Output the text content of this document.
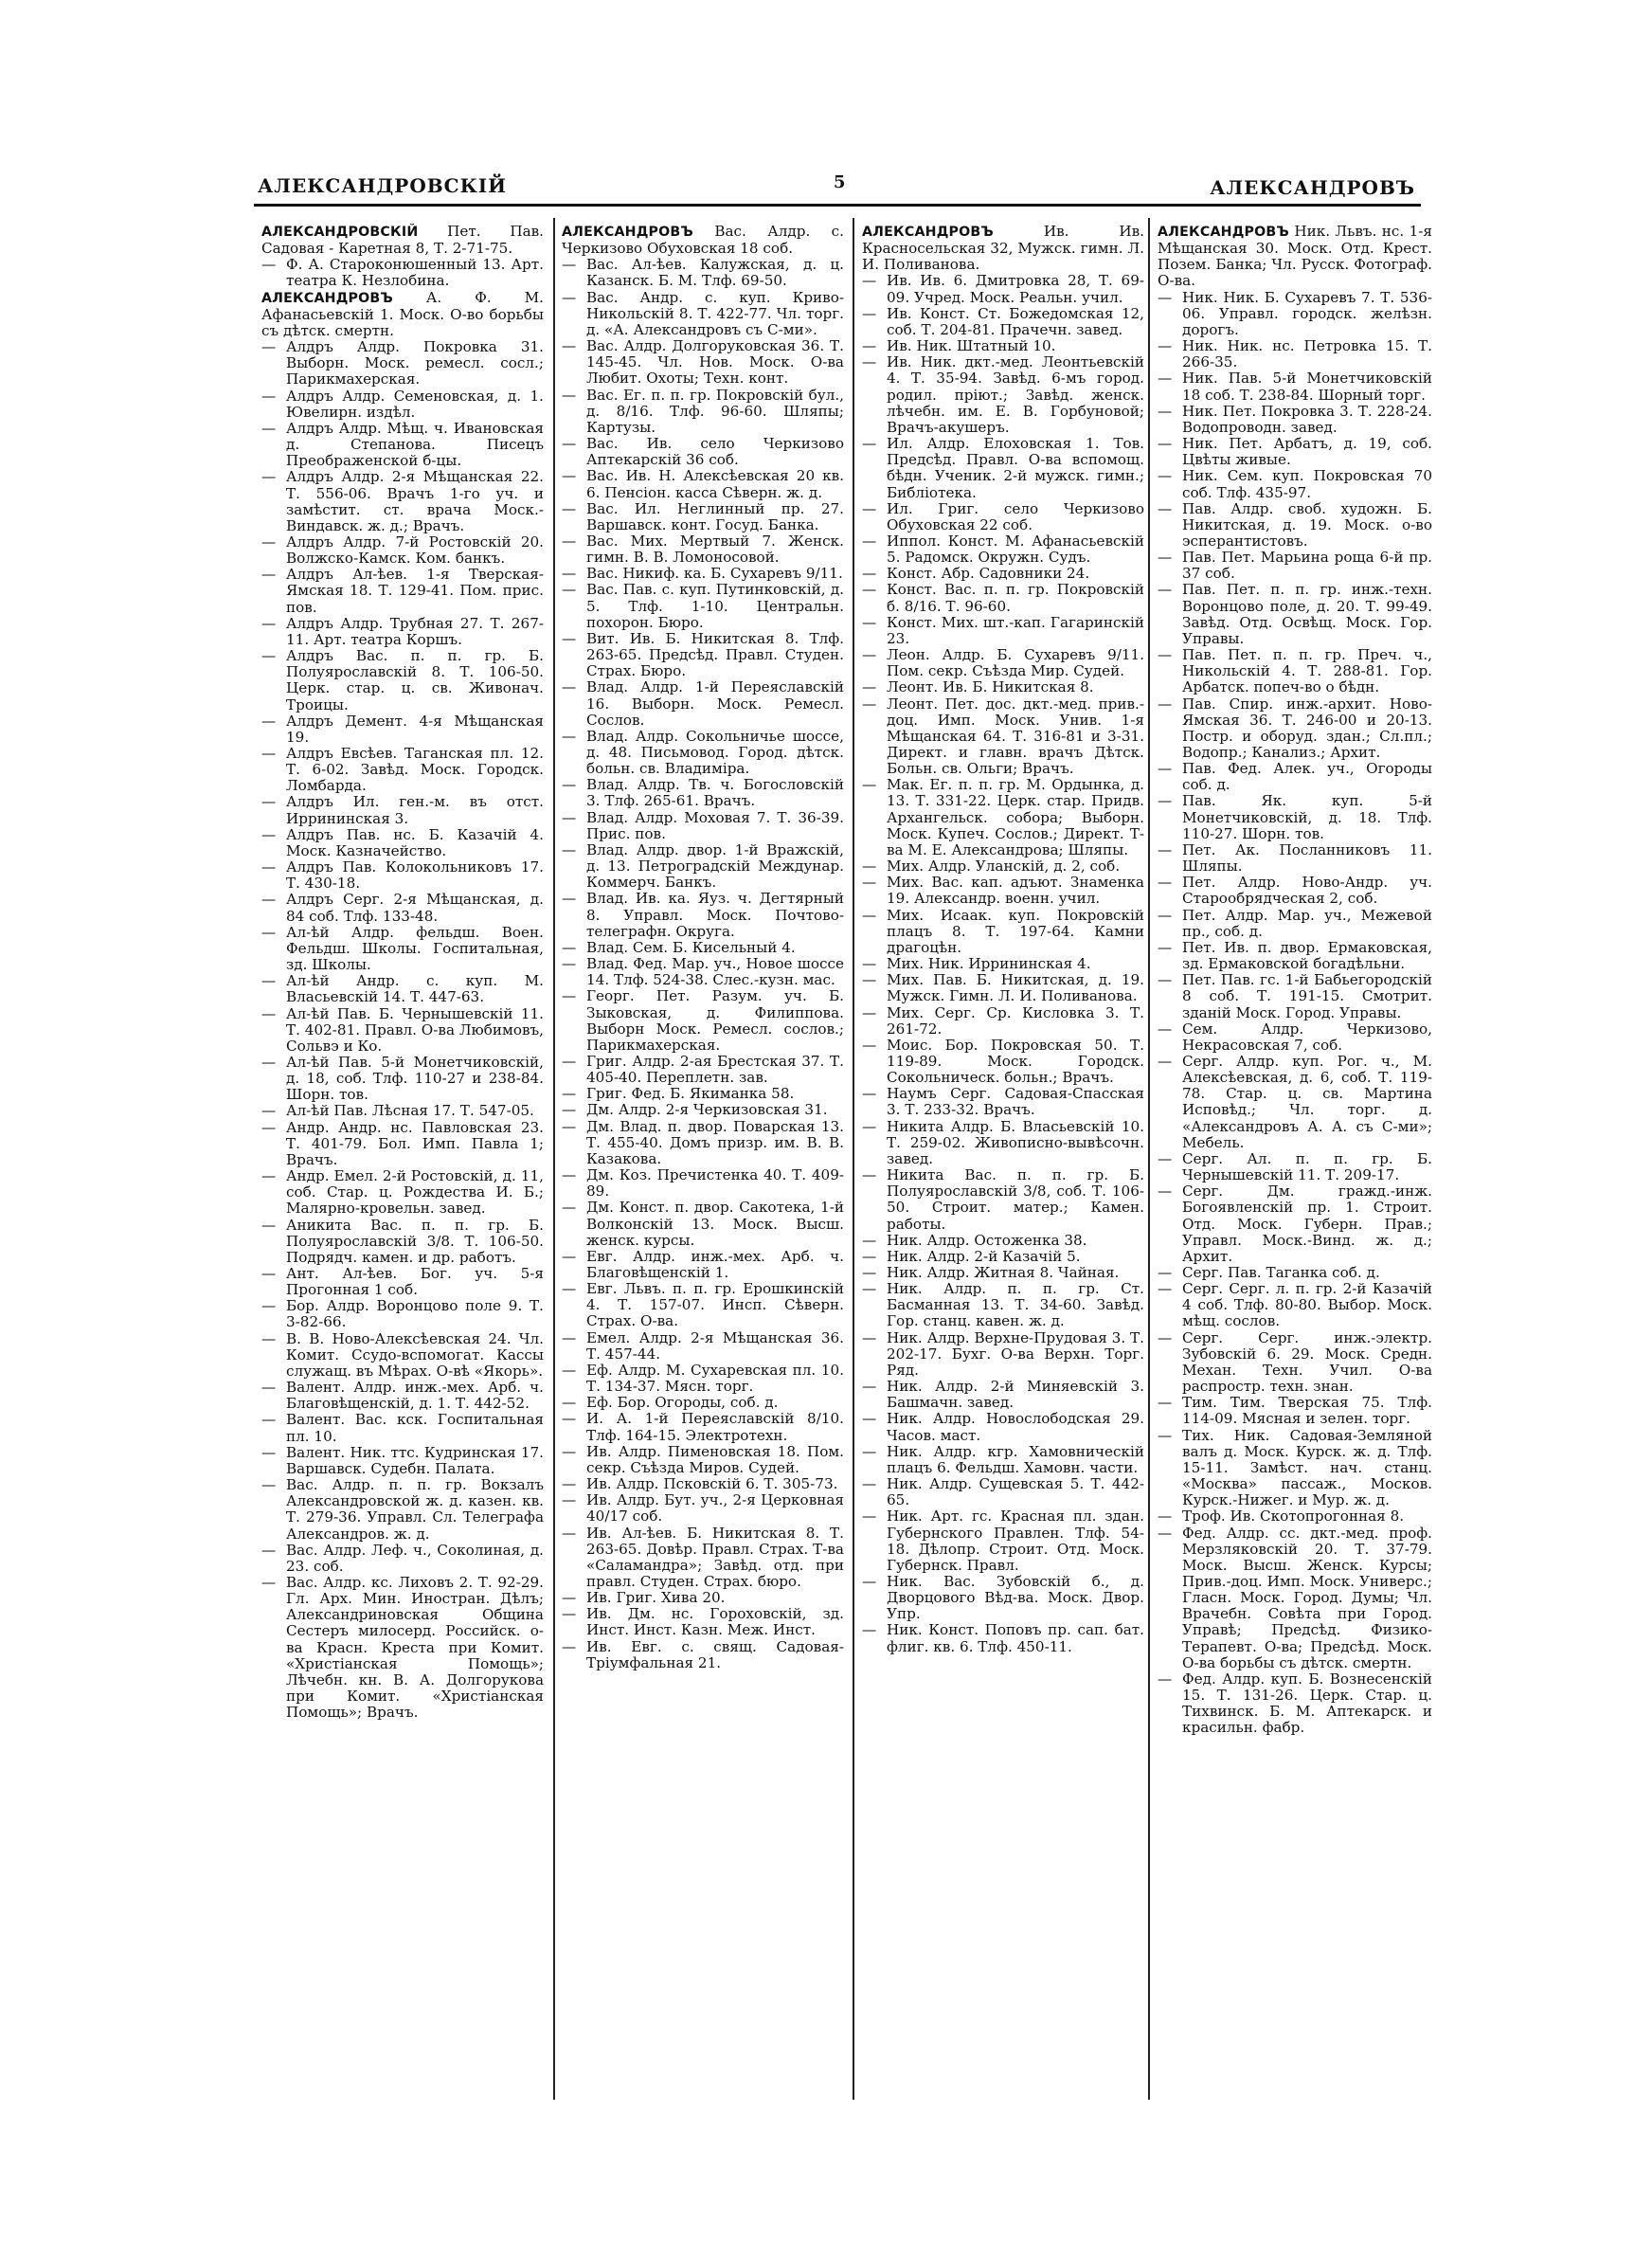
АЛЕКСАНДРОВСКІЙ	5	АЛЕКСАНДРОВЪ

АЛЕКСАНДРОВСКІЙ Пет. Пав. Садовая - Каретная 8, Т. 2-71-75.

— Ф. А. Староконюшенный 13. Арт. театра К. Незлобина.

АЛЕКСАНДРОВЪ А. Ф. М. Афанасьевскій 1. Моск. О-во борьбы съ дѣтск. смертн.

— Алдръ Алдр. Покровка 31. Выборн. Моск. ремесл. сосл.; Парикмахерская.

— Алдръ Алдр. Семеновская, д. 1. Ювелирн. издѣл.

— Алдръ Алдр. Мѣщ. ч. Ивановская д. Степанова. Писецъ Преображенской б-цы.

— Алдръ Алдр. 2-я Мѣщанская 22. Т. 556-06. Врачъ 1-го уч. и замѣстит. ст. врача Моск.-Виндавск. ж. д.; Врачъ.

— Алдръ Алдр. 7-й Ростовскій 20. Волжско-Камск. Ком. банкъ.

— Алдръ Ал-ѣев. 1-я Тверская-Ямская 18. Т. 129-41. Пом. прис. пов.

— Алдръ Алдр. Трубная 27. Т. 267-11. Арт. театра Коршъ.

— Алдръ Вас. п. п. гр. Б. Полуярославскій 8. Т. 106-50. Церк. стар. ц. св. Живонач. Троицы.

— Алдръ Демент. 4-я Мѣщанская 19.

— Алдръ Евсѣев. Таганская пл. 12. Т. 6-02. Завѣд. Моск. Городск. Ломбарда.

— Алдръ Ил. ген.-м. въ отст. Иррининская 3.

— Алдръ Пав. нс. Б. Казачій 4. Моск. Казначейство.

— Алдръ Пав. Колокольниковъ 17. Т. 430-18.

— Алдръ Серг. 2-я Мѣщанская, д. 84 соб. Тлф. 133-48.

— Ал-ѣй Алдр. фельдш. Воен. Фельдш. Школы. Госпитальная, зд. Школы.

— Ал-ѣй Андр. с. куп. М. Власьевскій 14. Т. 447-63.

— Ал-ѣй Пав. Б. Чернышевскій 11. Т. 402-81. Правл. О-ва Любимовъ, Сольвэ и Ко.

— Ал-ѣй Пав. 5-й Монетчиковскій, д. 18, соб. Тлф. 110-27 и 238-84. Шорн. тов.

— Ал-ѣй Пав. Лѣсная 17. Т. 547-05.

— Андр. Андр. нс. Павловская 23. Т. 401-79. Бол. Имп. Павла 1; Врачъ.

— Андр. Емел. 2-й Ростовскій, д. 11, соб. Стар. ц. Рождества И. Б.; Малярно-кровельн. завед.

— Аникита Вас. п. п. гр. Б. Полуярославскій 3/8. Т. 106-50. Подрядч. камен. и др. работъ.

— Ант. Ал-ѣев. Бог. уч. 5-я Прогонная 1 соб.

— Бор. Алдр. Воронцово поле 9. Т. 3-82-66.

— В. В. Ново-Алексѣевская 24. Чл. Комит. Ссудо-вспомогат. Кассы служащ. въ Мѣрах. О-вѣ «Якорь».

— Валент. Алдр. инж.-мех. Арб. ч. Благовѣщенскій, д. 1. Т. 442-52.

— Валент. Вас. кск. Госпитальная пл. 10.

— Валент. Ник. ттс. Кудринская 17. Варшавск. Судебн. Палата.

— Вас. Алдр. п. п. гр. Вокзалъ Александровской ж. д. казен. кв. Т. 279-36. Управл. Сл. Телеграфа Александров. ж. д.

— Вас. Алдр. Леф. ч., Соколиная, д. 23. соб.

— Вас. Алдр. кс. Лиховъ 2. Т. 92-29. Гл. Арх. Мин. Иностран. Дѣлъ; Александриновская Община Сестеръ милосерд. Российск. о-ва Красн. Креста при Комит. «Христіанская Помощь»; Лѣчебн. кн. В. А. Долгорукова при Комит. «Христіанская Помощь»; Врачъ.

АЛЕКСАНДРОВЪ Вас. Алдр. с. Черкизово Обуховская 18 соб.

— Вас. Ал-ѣев. Калужская, д. ц. Казанск. Б. М. Тлф. 69-50.

— Вас. Андр. с. куп. Криво-Никольскій 8. Т. 422-77. Чл. торг. д. «А. Александровъ съ С-ми».

— Вас. Алдр. Долгоруковская 36. Т. 145-45. Чл. Нов. Моск. О-ва Любит. Охоты; Техн. конт.

— Вас. Ег. п. п. гр. Покровскій бул., д. 8/16. Тлф. 96-60. Шляпы; Картузы.

— Вас. Ив. село Черкизово Аптекарскій 36 соб.

— Вас. Ив. Н. Алексѣевская 20 кв. 6. Пенсіон. касса Сѣверн. ж. д.

— Вас. Ил. Неглинный пр. 27. Варшавск. конт. Госуд. Банка.

— Вас. Мих. Мертвый 7. Женск. гимн. В. В. Ломоносовой.

— Вас. Никиф. ка. Б. Сухаревъ 9/11.

— Вас. Пав. с. куп. Путинковскій, д. 5. Тлф. 1-10. Центральн. похорон. Бюро.

— Вит. Ив. Б. Никитская 8. Тлф. 263-65. Предсѣд. Правл. Студен. Страх. Бюро.

— Влад. Алдр. 1-й Переяславскій 16. Выборн. Моск. Ремесл. Сослов.

— Влад. Алдр. Сокольничье шоссе, д. 48. Письмовод. Город. дѣтск. больн. св. Владиміра.

— Влад. Алдр. Тв. ч. Богословскій 3. Тлф. 265-61. Врачъ.

— Влад. Алдр. Моховая 7. Т. 36-39. Прис. пов.

— Влад. Алдр. двор. 1-й Вражскій, д. 13. Петроградскій Междунар. Коммерч. Банкъ.

— Влад. Ив. ка. Яуз. ч. Дегтярный 8. Управл. Моск. Почтово-телеграфн. Округа.

— Влад. Сем. Б. Кисельный 4.

— Влад. Фед. Мар. уч., Новое шоссе 14. Тлф. 524-38. Слес.-кузн. мас.

— Георг. Пет. Разум. уч. Б. Зыковская, д. Филиппова. Выборн Моск. Ремесл. сослов.; Парикмахерская.

— Григ. Алдр. 2-ая Брестская 37. Т. 405-40. Переплетн. зав.

— Григ. Фед. Б. Якиманка 58.

— Дм. Алдр. 2-я Черкизовская 31.

— Дм. Влад. п. двор. Поварская 13. Т. 455-40. Домъ призр. им. В. В. Казакова.

— Дм. Коз. Пречистенка 40. Т. 409-89.

— Дм. Конст. п. двор. Сакотека, 1-й Волконскій 13. Моск. Высш. женск. курсы.

— Евг. Алдр. инж.-мех. Арб. ч. Благовѣщенскій 1.

— Евг. Львъ. п. п. гр. Ерошкинскій 4. Т. 157-07. Инсп. Сѣверн. Страх. О-ва.

— Емел. Алдр. 2-я Мѣщанская 36. Т. 457-44.

— Еф. Алдр. М. Сухаревская пл. 10. Т. 134-37. Мясн. торг.

— Еф. Бор. Огороды, соб. д.

— И. А. 1-й Переяславскій 8/10. Тлф. 164-15. Электротехн.

— Ив. Алдр. Пименовская 18. Пом. секр. Съѣзда Миров. Судей.

— Ив. Алдр. Псковскій 6. Т. 305-73.

— Ив. Алдр. Бут. уч., 2-я Церковная 40/17 соб.

— Ив. Ал-ѣев. Б. Никитская 8. Т. 263-65. Довѣр. Правл. Страх. Т-ва «Саламандра»; Завѣд. отд. при правл. Студен. Страх. бюро.

— Ив. Григ. Хива 20.

— Ив. Дм. нс. Гороховскій, зд. Инст. Инст. Казн. Меж. Инст.

— Ив. Евг. с. свящ. Садовая-Тріумфальная 21.

АЛЕКСАНДРОВЪ Ив. Ив. Красносельская 32, Мужск. гимн. Л. И. Поливанова.

— Ив. Ив. 6. Дмитровка 28, Т. 69-09. Учред. Моск. Реальн. учил.

— Ив. Конст. Ст. Божедомская 12, соб. Т. 204-81. Прачечн. завед.

— Ив. Ник. Штатный 10.

— Ив. Ник. дкт.-мед. Леонтьевскій 4. Т. 35-94. Завѣд. 6-мъ город. родил. пріют.; Завѣд. женск. лѣчебн. им. Е. В. Горбуновой; Врачъ-акушеръ.

— Ил. Алдр. Елоховская 1. Тов. Предсѣд. Правл. О-ва вспомощ. бѣдн. Ученик. 2-й мужск. гимн.; Библіотека.

— Ил. Григ. село Черкизово Обуховская 22 соб.

— Иппол. Конст. М. Афанасьевскій 5. Радомск. Окружн. Судъ.

— Конст. Абр. Садовники 24.

— Конст. Вас. п. п. гр. Покровскій б. 8/16. Т. 96-60.

— Конст. Мих. шт.-кап. Гагаринскій 23.

— Леон. Алдр. Б. Сухаревъ 9/11. Пом. секр. Съѣзда Мир. Судей.

— Леонт. Ив. Б. Никитская 8.

— Леонт. Пет. дос. дкт.-мед. прив.-доц. Имп. Моск. Унив. 1-я Мѣщанская 64. Т. 316-81 и 3-31. Директ. и главн. врачъ Дѣтск. Больн. св. Ольги; Врачъ.

— Мак. Ег. п. п. гр. М. Ордынка, д. 13. Т. 331-22. Церк. стар. Придв. Архангельск. собора; Выборн. Моск. Купеч. Сослов.; Директ. Т-ва М. Е. Александрова; Шляпы.

— Мих. Алдр. Уланскій, д. 2, соб.

— Мих. Вас. кап. адъют. Знаменка 19. Александр. военн. учил.

— Мих. Исаак. куп. Покровскій плацъ 8. Т. 197-64. Камни драгоцѣн.

— Мих. Ник. Иррининская 4.

— Мих. Пав. Б. Никитская, д. 19. Мужск. Гимн. Л. И. Поливанова.

— Мих. Серг. Ср. Кисловка 3. Т. 261-72.

— Моис. Бор. Покровская 50. Т. 119-89. Моск. Городск. Сокольническ. больн.; Врачъ.

— Наумъ Серг. Садовая-Спасская 3. Т. 233-32. Врачъ.

— Никита Алдр. Б. Власьевскій 10. Т. 259-02. Живописно-вывѣсочн. завед.

— Никита Вас. п. п. гр. Б. Полуярославскій 3/8, соб. Т. 106-50. Строит. матер.; Камен. работы.

— Ник. Алдр. Остоженка 38.

— Ник. Алдр. 2-й Казачій 5.

— Ник. Алдр. Житная 8. Чайная.

— Ник. Алдр. п. п. гр. Ст. Басманная 13. Т. 34-60. Завѣд. Гор. станц. кавен. ж. д.

— Ник. Алдр. Верхне-Прудовая 3. Т. 202-17. Бухг. О-ва Верхн. Торг. Ряд.

— Ник. Алдр. 2-й Миняевскій 3. Башмачн. завед.

— Ник. Алдр. Новослободская 29. Часов. маст.

— Ник. Алдр. кгр. Хамовническій плацъ 6. Фельдш. Хамовн. части.

— Ник. Алдр. Сущевская 5. Т. 442-65.

— Ник. Арт. гс. Красная пл. здан. Губернского Правлен. Тлф. 54-18. Дѣлопр. Строит. Отд. Моск. Губернск. Правл.

— Ник. Вас. Зубовскій б., д. Дворцового Вѣд-ва. Моск. Двор. Упр.

— Ник. Конст. Поповъ пр. сап. бат. флиг. кв. 6. Тлф. 450-11.

АЛЕКСАНДРОВЪ Ник. Львъ. нс. 1-я Мѣщанская 30. Моск. Отд. Крест. Позем. Банка; Чл. Русск. Фотограф. О-ва.

— Ник. Ник. Б. Сухаревъ 7. Т. 536-06. Управл. городск. желѣзн. дорогъ.

— Ник. Ник. нс. Петровка 15. Т. 266-35.

— Ник. Пав. 5-й Монетчиковскій 18 соб. Т. 238-84. Шорный торг.

— Ник. Пет. Покровка 3. Т. 228-24. Водопроводн. завед.

— Ник. Пет. Арбатъ, д. 19, соб. Цвѣты живые.

— Ник. Сем. куп. Покровская 70 соб. Тлф. 435-97.

— Пав. Алдр. своб. художн. Б. Никитская, д. 19. Моск. о-во эсперантистовъ.

— Пав. Пет. Марьина роща 6-й пр. 37 соб.

— Пав. Пет. п. п. гр. инж.-техн. Воронцово поле, д. 20. Т. 99-49. Завѣд. Отд. Освѣщ. Моск. Гор. Управы.

— Пав. Пет. п. п. гр. Преч. ч., Никольскій 4. Т. 288-81. Гор. Арбатск. попеч-во о бѣдн.

— Пав. Спир. инж.-архит. Ново-Ямская 36. Т. 246-00 и 20-13. Постр. и оборуд. здан.; Сл.пл.; Водопр.; Канализ.; Архит.

— Пав. Фед. Алек. уч., Огороды соб. д.

— Пав. Як. куп. 5-й Монетчиковскій, д. 18. Тлф. 110-27. Шорн. тов.

— Пет. Ак. Посланниковъ 11. Шляпы.

— Пет. Алдр. Ново-Андр. уч. Старообрядческая 2, соб.

— Пет. Алдр. Мар. уч., Межевой пр., соб. д.

— Пет. Ив. п. двор. Ермаковская, зд. Ермаковской богадѣльни.

— Пет. Пав. гс. 1-й Бабьегородскій 8 соб. Т. 191-15. Смотрит. зданій Моск. Город. Управы.

— Сем. Алдр. Черкизово, Некрасовская 7, соб.

— Серг. Алдр. куп. Рог. ч., М. Алексѣевская, д. 6, соб. Т. 119-78. Стар. ц. св. Мартина Исповѣд.; Чл. торг. д. «Александровъ А. А. съ С-ми»; Мебель.

— Серг. Ал. п. п. гр. Б. Чернышевскій 11. Т. 209-17.

— Серг. Дм. гражд.-инж. Богоявленскій пр. 1. Строит. Отд. Моск. Губерн. Прав.; Управл. Моск.-Винд. ж. д.; Архит.

— Серг. Пав. Таганка соб. д.

— Серг. Серг. л. п. гр. 2-й Казачій 4 соб. Тлф. 80-80. Выбор. Моск. мѣщ. сослов.

— Серг. Серг. инж.-электр. Зубовскій 6. 29. Моск. Средн. Механ. Техн. Учил. О-ва распростр. техн. знан.

— Тим. Тим. Тверская 75. Тлф. 114-09. Мясная и зелен. торг.

— Тих. Ник. Садовая-Земляной валъ д. Моск. Курск. ж. д. Тлф. 15-11. Замѣст. нач. станц. «Москва» пассаж., Москов. Курск.-Нижег. и Мур. ж. д.

— Троф. Ив. Скотопрогонная 8.

— Фед. Алдр. сс. дкт.-мед. проф. Мерзляковскій 20. Т. 37-79. Моск. Высш. Женск. Курсы; Прив.-доц. Имп. Моск. Универс.; Гласн. Моск. Город. Думы; Чл. Врачебн. Совѣта при Город. Управѣ; Предсѣд. Физико-Терапевт. О-ва; Предсѣд. Моск. О-ва борьбы съ дѣтск. смертн.

— Фед. Алдр. куп. Б. Вознесенскій 15. Т. 131-26. Церк. Стар. ц. Тихвинск. Б. М. Аптекарск. и красильн. фабр.
